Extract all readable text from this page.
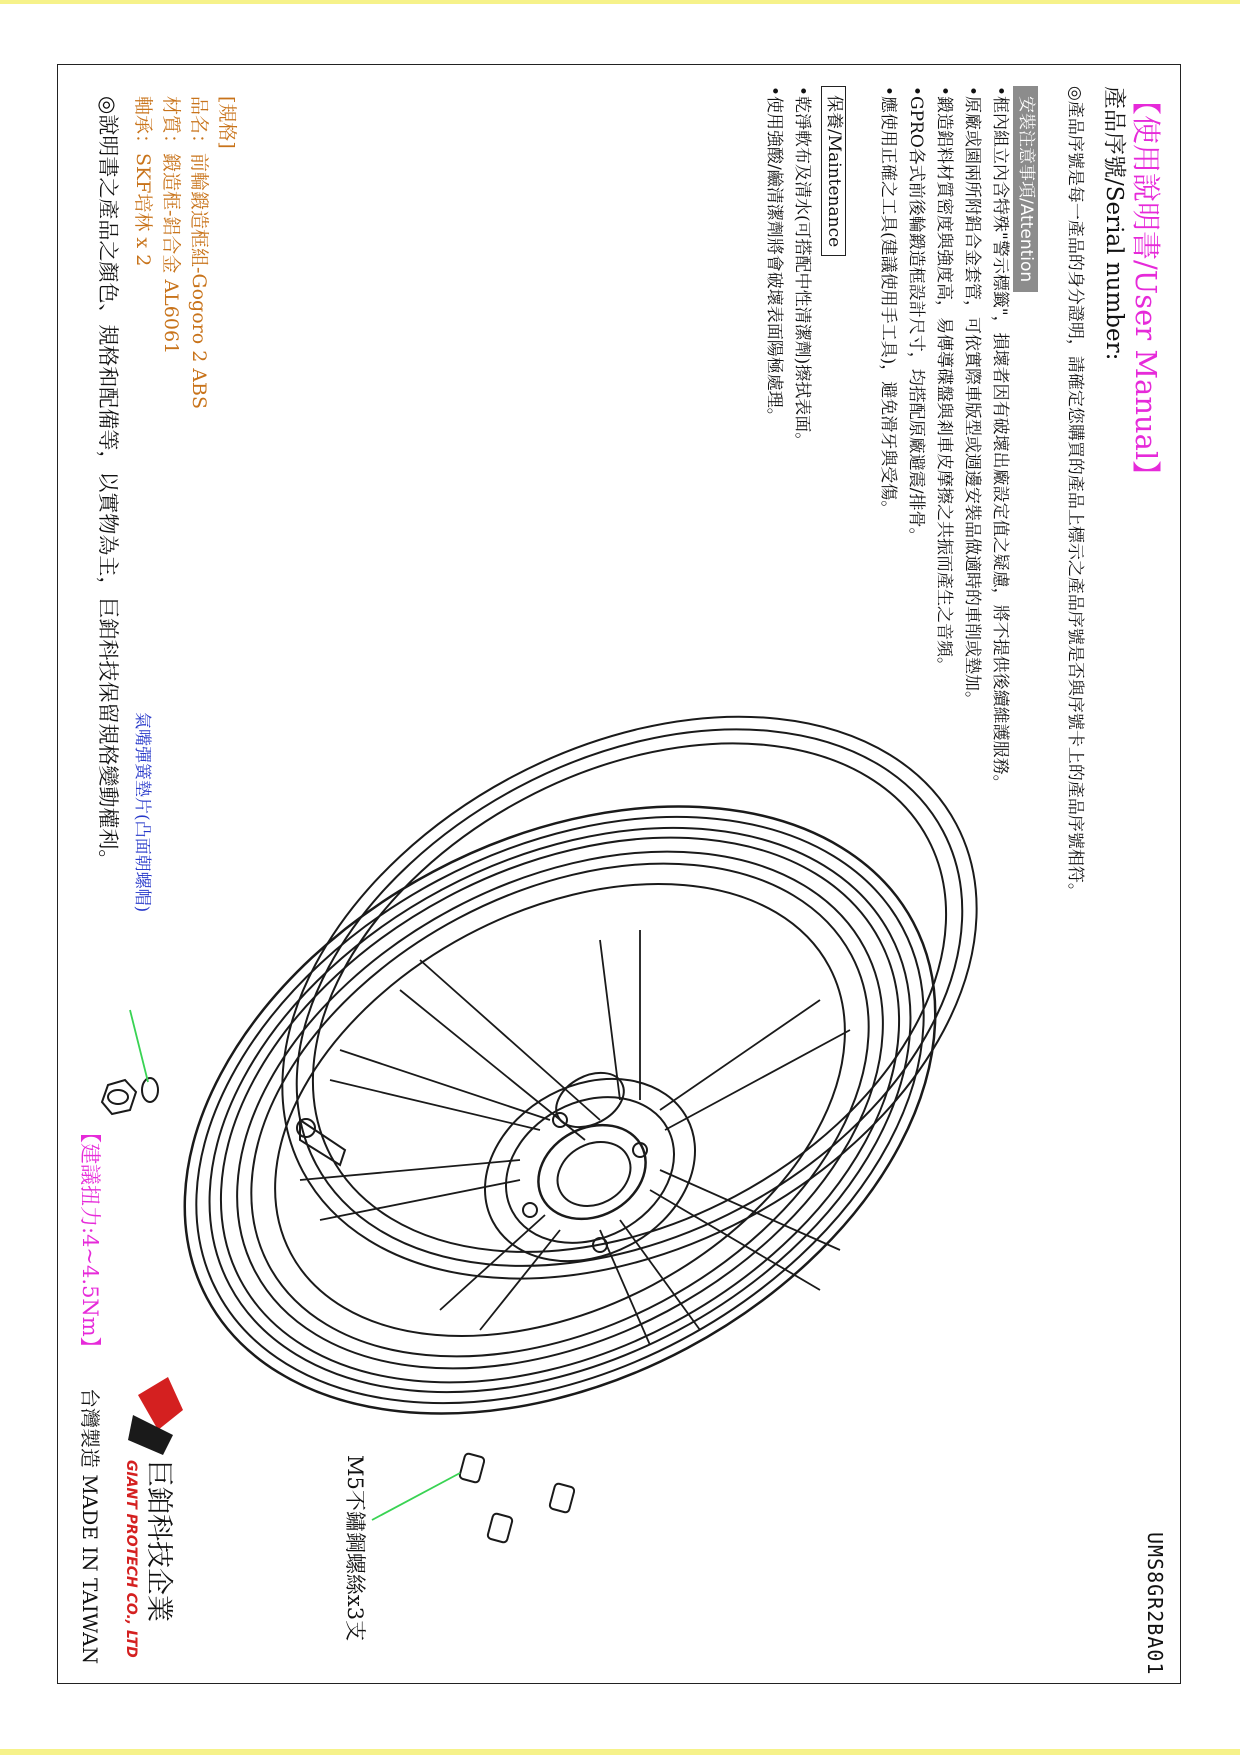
【使用說明書/User Manual】
產品序號/Serial number:
◎產品序號是每一產品的身分證明，請確定您購買的產品上標示之產品序號是否與序號卡上的產品序號相符。
安裝注意事項/Attention
•框內組立內含特殊"警示標籤"，損壞者因有破壞出廠設定值之疑慮，將不提供後續維護服務。
•原廠或園兩所附鋁合金套管，可依實際車版型或週邊安裝品做適時的車削或墊加。
•鍛造鋁料材質密度與強度高，易傳導碟盤與剎車皮摩擦之共振而產生之音頻。
•GPRO各式前後輪鍛造框設計尺寸，均搭配原廠避震/排骨。
•應使用正確之工具(建議使用手工具)，避免滑牙與受傷。
保養/Maintenance
•乾淨軟布及清水(可搭配中性清潔劑)擦拭表面。
•使用強酸/鹼清潔劑將會破壞表面陽極處理。
[規格]
品名：前輪鍛造框組-Gogoro 2 ABS
材質：鍛造框-鋁合金 AL6061
軸承：SKF培林 x 2
◎說明書之產品之顏色、規格和配備等，以實物為主，巨鉑科技保留規格變動權利。 氣嘴彈簧墊片(凸面朝螺帽)
【建議扭力:4~4.5Nm】
M5不鏽鋼螺絲x3支	UMS8GR2BA01
巨鉑科技企業
GIANT PROTECH CO., LTD
台灣製造 MADE IN TAIWAN
